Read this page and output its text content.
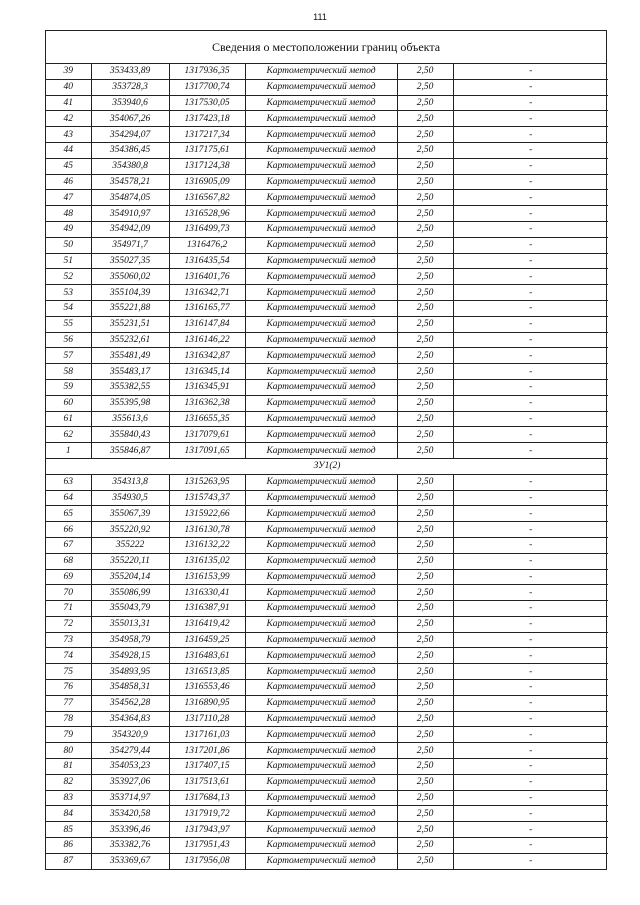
111
Сведения о местоположении границ объекта
39	353433,89	1317936,35	Картометрический метод	2,50	-
40	353728,3	1317700,74	Картометрический метод	2,50	-
41	353940,6	1317530,05	Картометрический метод	2,50	-
42	354067,26	1317423,18	Картометрический метод	2,50	-
43	354294,07	1317217,34	Картометрический метод	2,50	-
44	354386,45	1317175,61	Картометрический метод	2,50	-
45	354380,8	1317124,38	Картометрический метод	2,50	-
46	354578,21	1316905,09	Картометрический метод	2,50	-
47	354874,05	1316567,82	Картометрический метод	2,50	-
48	354910,97	1316528,96	Картометрический метод	2,50	-
49	354942,09	1316499,73	Картометрический метод	2,50	-
50	354971,7	1316476,2	Картометрический метод	2,50	-
51	355027,35	1316435,54	Картометрический метод	2,50	-
52	355060,02	1316401,76	Картометрический метод	2,50	-
53	355104,39	1316342,71	Картометрический метод	2,50	-
54	355221,88	1316165,77	Картометрический метод	2,50	-
55	355231,51	1316147,84	Картометрический метод	2,50	-
56	355232,61	1316146,22	Картометрический метод	2,50	-
57	355481,49	1316342,87	Картометрический метод	2,50	-
58	355483,17	1316345,14	Картометрический метод	2,50	-
59	355382,55	1316345,91	Картометрический метод	2,50	-
60	355395,98	1316362,38	Картометрический метод	2,50	-
61	355613,6	1316655,35	Картометрический метод	2,50	-
62	355840,43	1317079,61	Картометрический метод	2,50	-
1	355846,87	1317091,65	Картометрический метод	2,50	-
ЗУ1(2)					
63	354313,8	1315263,95	Картометрический метод	2,50	-
64	354930,5	1315743,37	Картометрический метод	2,50	-
65	355067,39	1315922,66	Картометрический метод	2,50	-
66	355220,92	1316130,78	Картометрический метод	2,50	-
67	355222	1316132,22	Картометрический метод	2,50	-
68	355220,11	1316135,02	Картометрический метод	2,50	-
69	355204,14	1316153,99	Картометрический метод	2,50	-
70	355086,99	1316330,41	Картометрический метод	2,50	-
71	355043,79	1316387,91	Картометрический метод	2,50	-
72	355013,31	1316419,42	Картометрический метод	2,50	-
73	354958,79	1316459,25	Картометрический метод	2,50	-
74	354928,15	1316483,61	Картометрический метод	2,50	-
75	354893,95	1316513,85	Картометрический метод	2,50	-
76	354858,31	1316553,46	Картометрический метод	2,50	-
77	354562,28	1316890,95	Картометрический метод	2,50	-
78	354364,83	1317110,28	Картометрический метод	2,50	-
79	354320,9	1317161,03	Картометрический метод	2,50	-
80	354279,44	1317201,86	Картометрический метод	2,50	-
81	354053,23	1317407,15	Картометрический метод	2,50	-
82	353927,06	1317513,61	Картометрический метод	2,50	-
83	353714,97	1317684,13	Картометрический метод	2,50	-
84	353420,58	1317919,72	Картометрический метод	2,50	-
85	353396,46	1317943,97	Картометрический метод	2,50	-
86	353382,76	1317951,43	Картометрический метод	2,50	-
87	353369,67	1317956,08	Картометрический метод	2,50	-
